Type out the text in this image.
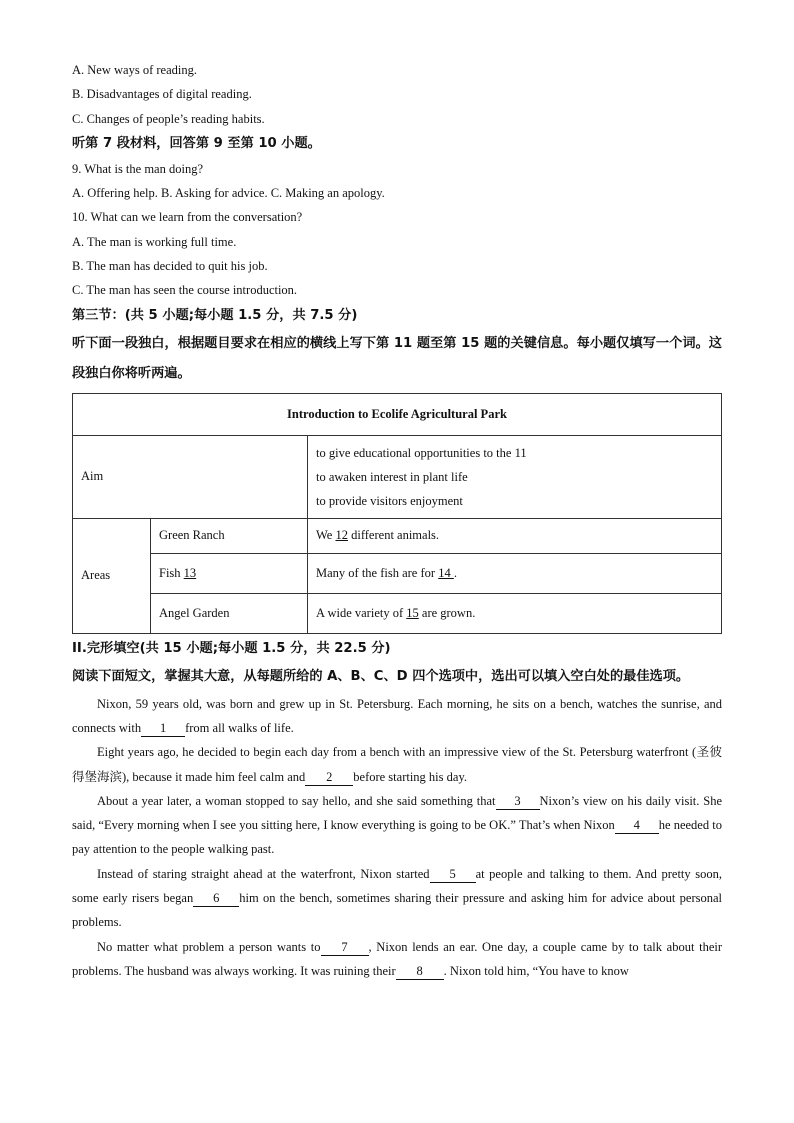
A. New ways of reading.
B. Disadvantages of digital reading.
C. Changes of people’s reading habits.
听第 7 段材料，回答第 9 至第 10 小题。
9. What is the man doing?
A. Offering help. B. Asking for advice. C. Making an apology.
10. What can we learn from the conversation?
A. The man is working full time.
B. The man has decided to quit his job.
C. The man has seen the course introduction.
第三节：(共 5 小题;每小题 1.5 分，共 7.5 分)
听下面一段独白，根据题目要求在相应的横线上写下第 11 题至第 15 题的关键信息。每小题仅填写一个词。这段独白你将听两遍。
Introduction to Ecolife Agricultural Park		
Aim		to give educational opportunities to the 11
to awaken interest in plant life
to provide visitors enjoyment

Areas	Green Ranch	We 12 different animals.
	Fish 13	Many of the fish are for 14 .
	Angel Garden	A wide variety of 15 are grown.
II.完形填空(共 15 小题;每小题 1.5 分，共 22.5 分)
阅读下面短文，掌握其大意，从每题所给的 A、B、C、D 四个选项中，选出可以填入空白处的最佳选项。

Nixon, 59 years old, was born and grew up in St. Petersburg. Each morning, he sits on a bench, watches the sunrise, and connects with 1 from all walks of life.

Eight years ago, he decided to begin each day from a bench with an impressive view of the St. Petersburg waterfront (圣彼得堡海滨), because it made him feel calm and 2 before starting his day.

About a year later, a woman stopped to say hello, and she said something that 3 Nixon’s view on his daily visit. She said, “Every morning when I see you sitting here, I know everything is going to be OK.” That’s when Nixon 4 he needed to pay attention to the people walking past.

Instead of staring straight ahead at the waterfront, Nixon started 5 at people and talking to them. And pretty soon, some early risers began 6 him on the bench, sometimes sharing their pressure and asking him for advice about personal problems.

No matter what problem a person wants to 7 , Nixon lends an ear. One day, a couple came by to talk about their problems. The husband was always working. It was ruining their 8 . Nixon told him, “You have to know
